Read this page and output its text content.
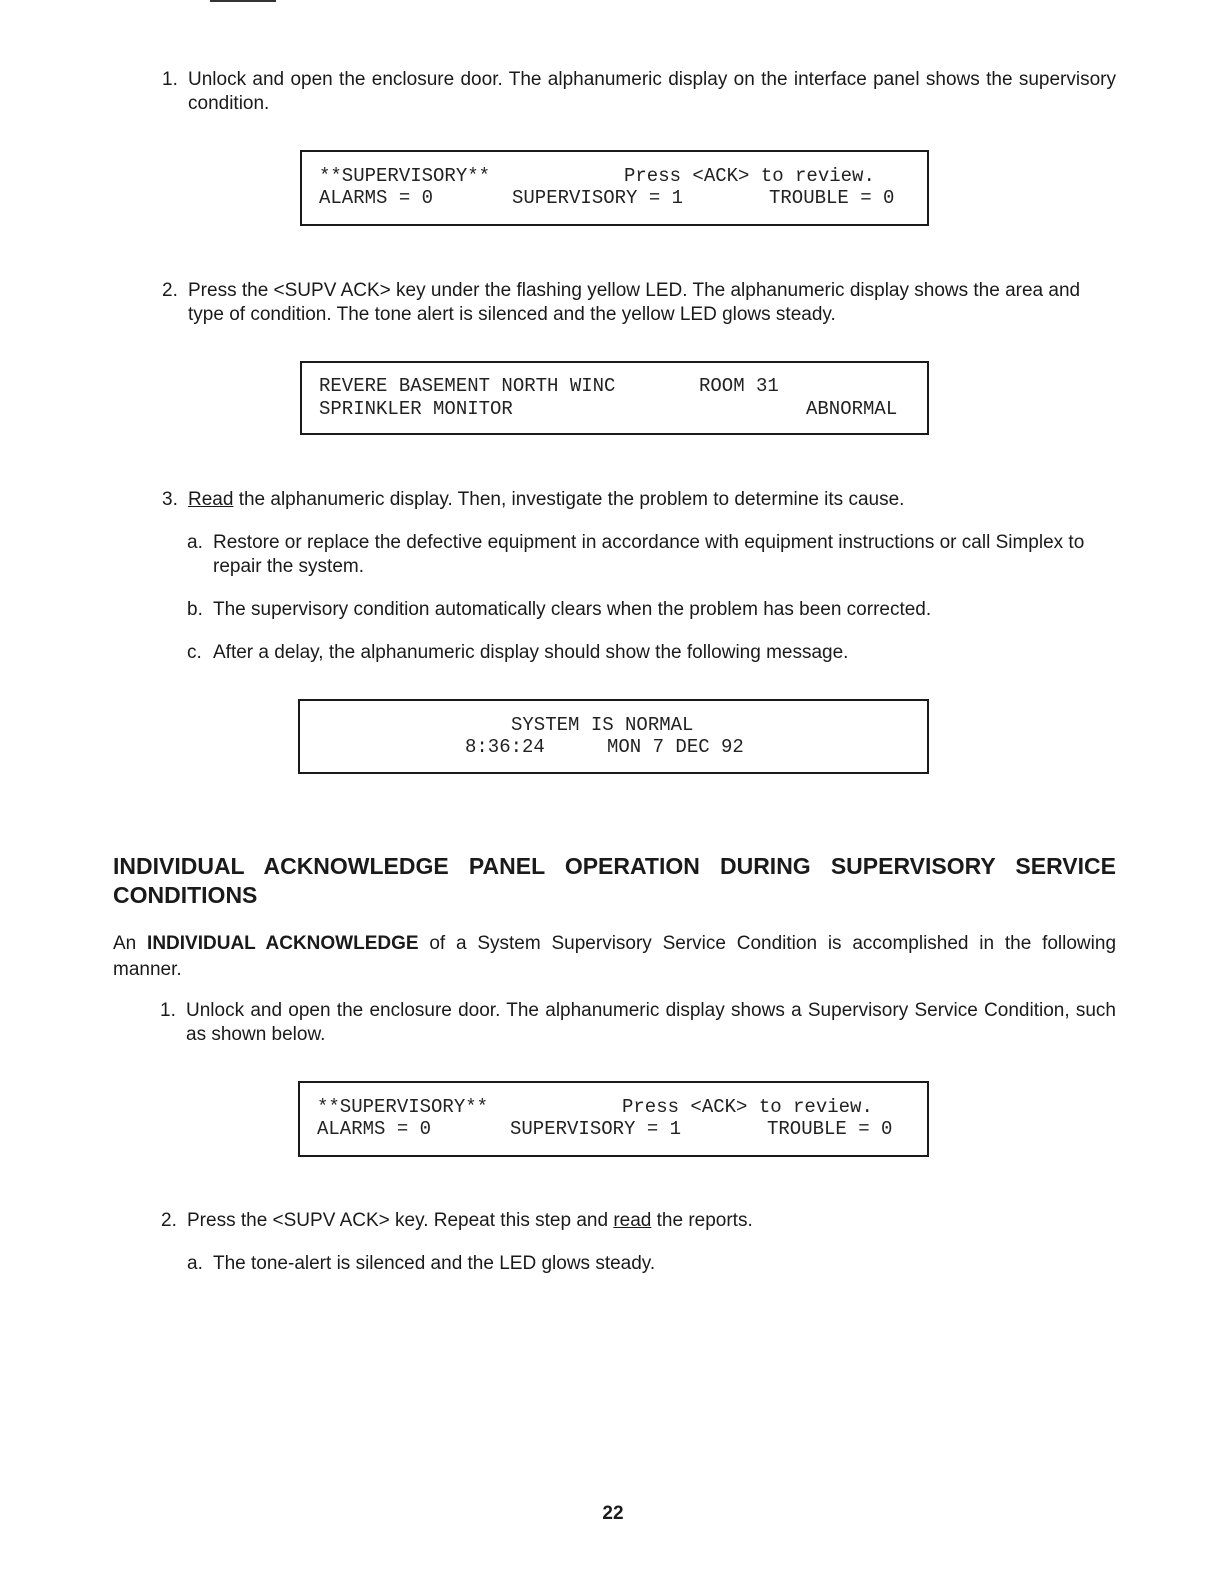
1. Unlock and open the enclosure door. The alphanumeric display on the interface panel shows the supervisory condition.
**SUPERVISORY**	Press <ACK> to review.
ALARMS = 0	SUPERVISORY = 1	TROUBLE = 0
2. Press the <SUPV ACK> key under the flashing yellow LED. The alphanumeric display shows the area and type of condition. The tone alert is silenced and the yellow LED glows steady.
REVERE BASEMENT NORTH WINC	ROOM 31
SPRINKLER MONITOR	ABNORMAL
3. Read the alphanumeric display. Then, investigate the problem to determine its cause.
a. Restore or replace the defective equipment in accordance with equipment instructions or call Simplex to repair the system.
b. The supervisory condition automatically clears when the problem has been corrected.
c. After a delay, the alphanumeric display should show the following message.
SYSTEM IS NORMAL
8:36:24	MON 7 DEC 92
INDIVIDUAL ACKNOWLEDGE PANEL OPERATION DURING SUPERVISORY SERVICE CONDITIONS
An INDIVIDUAL ACKNOWLEDGE of a System Supervisory Service Condition is accomplished in the following manner.
1. Unlock and open the enclosure door. The alphanumeric display shows a Supervisory Service Condition, such as shown below.
**SUPERVISORY**	Press <ACK> to review.
ALARMS = 0	SUPERVISORY = 1	TROUBLE = 0
2. Press the <SUPV ACK> key. Repeat this step and read the reports.
a. The tone-alert is silenced and the LED glows steady.
22
